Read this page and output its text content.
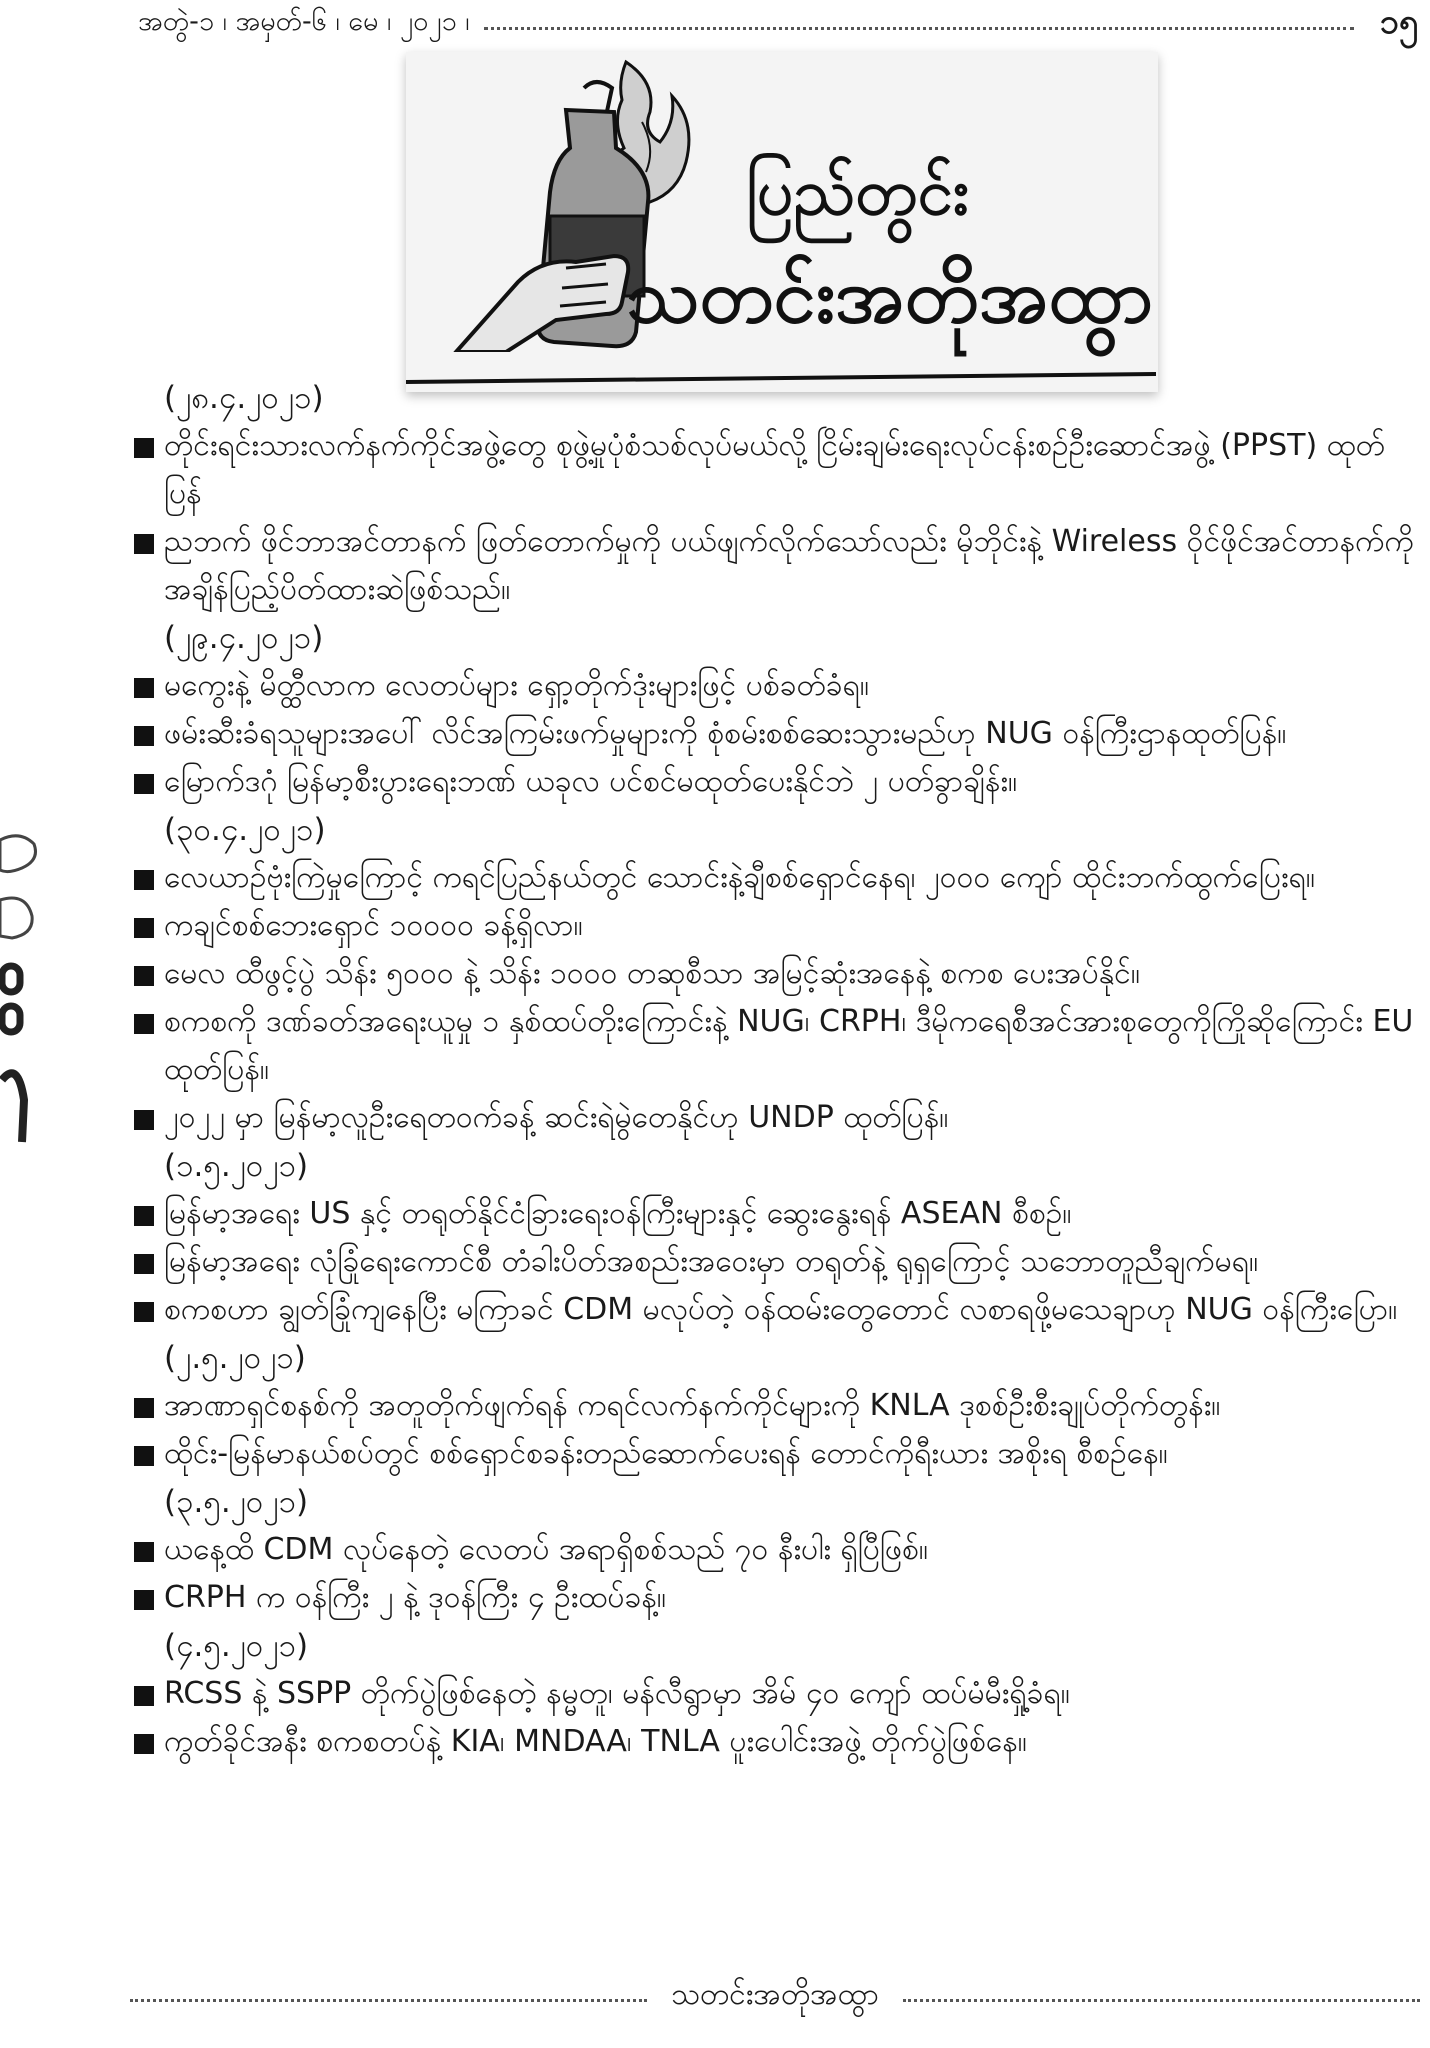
အတွဲ-၁ ၊ အမှတ်-၆ ၊ မေ ၊ ၂၀၂၁ ၊	၁၅
ပြည်တွင်း
သတင်းအတိုအထွာ
(၂၈.၄.၂၀၂၁)
တိုင်းရင်းသားလက်နက်ကိုင်အဖွဲ့တွေ စုဖွဲ့မှုပုံစံသစ်လုပ်မယ်လို့ ငြိမ်းချမ်းရေးလုပ်ငန်းစဉ်ဦးဆောင်အဖွဲ့ (PPST) ထုတ်ပြန်
ညဘက် ဖိုင်ဘာအင်တာနက် ဖြတ်တောက်မှုကို ပယ်ဖျက်လိုက်သော်လည်း မိုဘိုင်းနဲ့ Wireless ဝိုင်ဖိုင်အင်တာနက်ကို အချိန်ပြည့်ပိတ်ထားဆဲဖြစ်သည်။
(၂၉.၄.၂၀၂၁)
မကွေးနဲ့ မိတ္ထီလာက လေတပ်များ ရှော့တိုက်ဒုံးများဖြင့် ပစ်ခတ်ခံရ။
ဖမ်းဆီးခံရသူများအပေါ် လိင်အကြမ်းဖက်မှုများကို စုံစမ်းစစ်ဆေးသွားမည်ဟု NUG ဝန်ကြီးဌာနထုတ်ပြန်။
မြောက်ဒဂုံ မြန်မာ့စီးပွားရေးဘဏ် ယခုလ ပင်စင်မထုတ်ပေးနိုင်ဘဲ ၂ ပတ်ခွာချိန်း။
(၃၀.၄.၂၀၂၁)
လေယာဉ်ဗုံးကြဲမှုကြောင့် ကရင်ပြည်နယ်တွင် သောင်းနဲ့ချီစစ်ရှောင်နေရ၊ ၂၀၀၀ ကျော် ထိုင်းဘက်ထွက်ပြေးရ။
ကချင်စစ်ဘေးရှောင် ၁၀၀၀၀ ခန့်ရှိလာ။
မေလ ထီဖွင့်ပွဲ သိန်း ၅၀၀၀ နဲ့ သိန်း ၁၀၀၀ တဆုစီသာ အမြင့်ဆုံးအနေနဲ့ စကစ ပေးအပ်နိုင်။
စကစကို ဒဏ်ခတ်အရေးယူမှု ၁ နှစ်ထပ်တိုးကြောင်းနဲ့ NUG၊ CRPH၊ ဒီမိုကရေစီအင်အားစုတွေကိုကြိုဆိုကြောင်း EU ထုတ်ပြန်။
၂၀၂၂ မှာ မြန်မာ့လူဦးရေတဝက်ခန့် ဆင်းရဲမွဲတေနိုင်ဟု UNDP ထုတ်ပြန်။
(၁.၅.၂၀၂၁)
မြန်မာ့အရေး US နှင့် တရုတ်နိုင်ငံခြားရေးဝန်ကြီးများနှင့် ဆွေးနွေးရန် ASEAN စီစဉ်။
မြန်မာ့အရေး လုံခြုံရေးကောင်စီ တံခါးပိတ်အစည်းအဝေးမှာ တရုတ်နဲ့ ရုရှကြောင့် သဘောတူညီချက်မရ။
စကစဟာ ချွတ်ခြုံကျနေပြီး မကြာခင် CDM မလုပ်တဲ့ ဝန်ထမ်းတွေတောင် လစာရဖို့မသေချာဟု NUG ဝန်ကြီးပြော။
(၂.၅.၂၀၂၁)
အာဏာရှင်စနစ်ကို အတူတိုက်ဖျက်ရန် ကရင်လက်နက်ကိုင်များကို KNLA ဒုစစ်ဦးစီးချုပ်တိုက်တွန်း။
ထိုင်း-မြန်မာနယ်စပ်တွင် စစ်ရှောင်စခန်းတည်ဆောက်ပေးရန် တောင်ကိုရီးယား အစိုးရ စီစဉ်နေ။
(၃.၅.၂၀၂၁)
ယနေ့ထိ CDM လုပ်နေတဲ့ လေတပ် အရာရှိစစ်သည် ၇၀ နီးပါး ရှိပြီဖြစ်။
CRPH က ဝန်ကြီး ၂ နဲ့ ဒုဝန်ကြီး ၄ ဦးထပ်ခန့်။
(၄.၅.၂၀၂၁)
RCSS နဲ့ SSPP တိုက်ပွဲဖြစ်နေတဲ့ နမ္မတူ၊ မန်လီရွာမှာ အိမ် ၄၀ ကျော် ထပ်မံမီးရှို့ခံရ။
ကွတ်ခိုင်အနီး စကစတပ်နဲ့ KIA၊ MNDAA၊ TNLA ပူးပေါင်းအဖွဲ့ တိုက်ပွဲဖြစ်နေ။
သတင်းအတိုအထွာ
